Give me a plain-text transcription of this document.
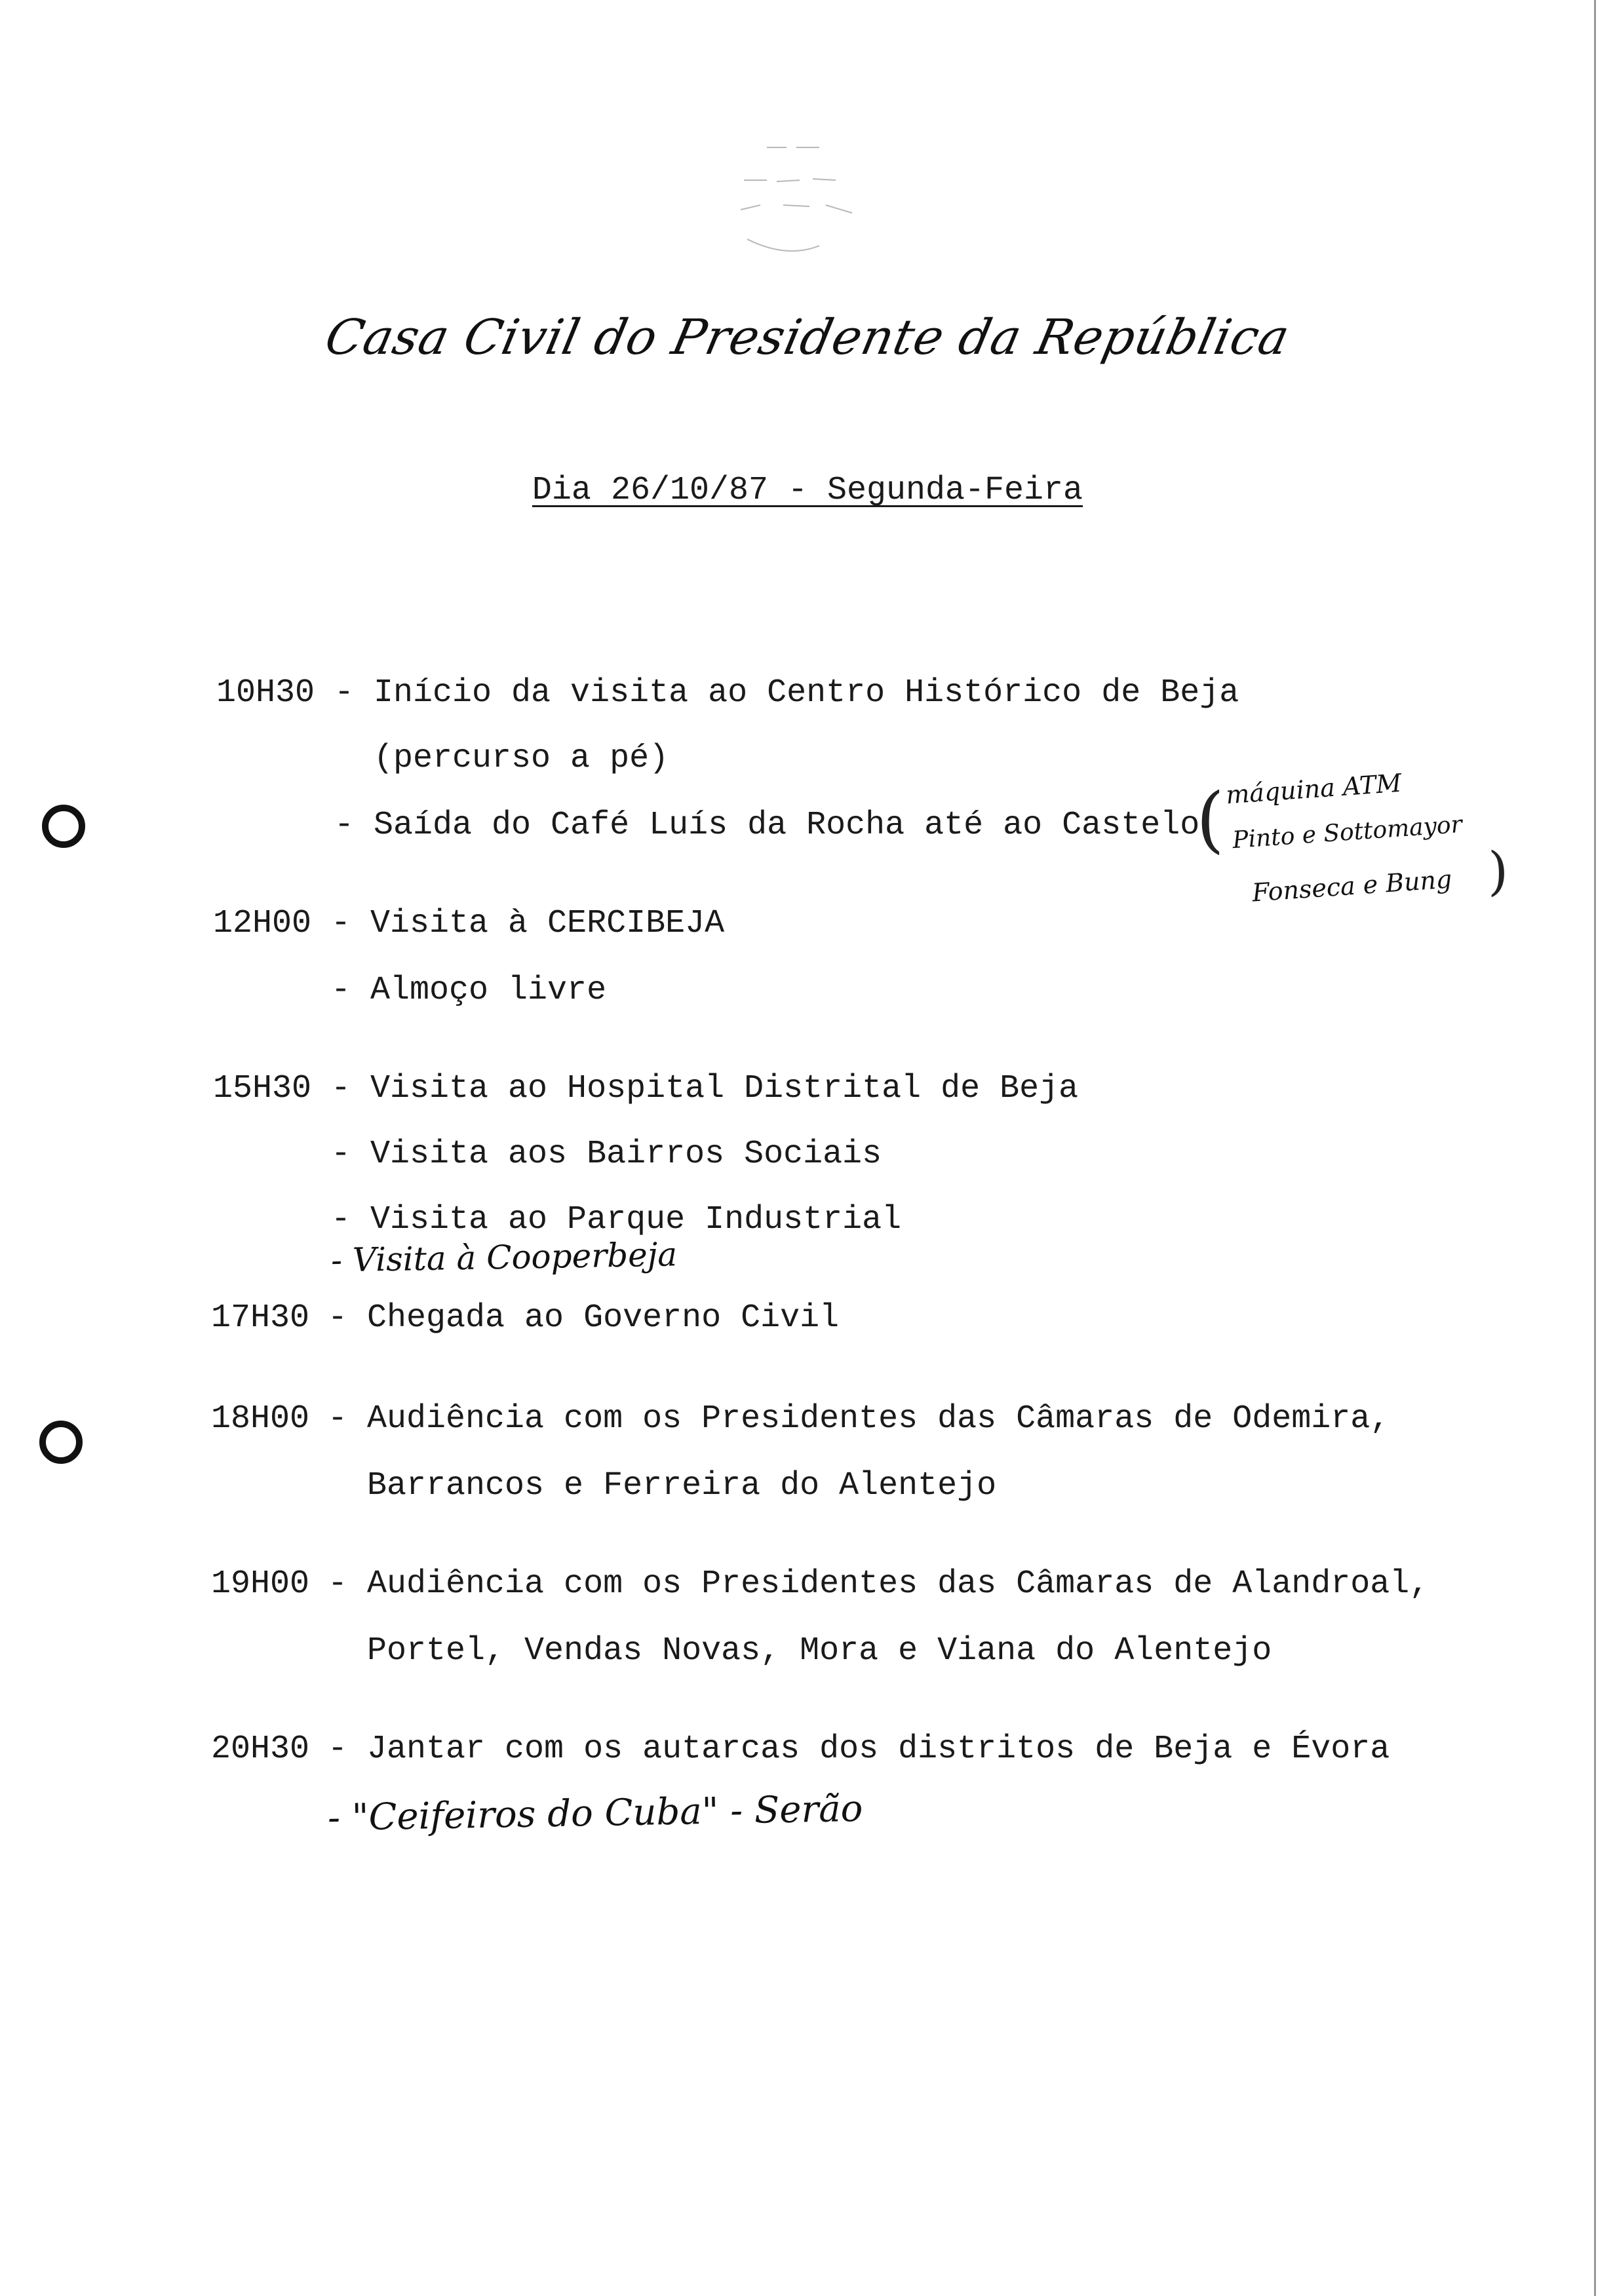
Casa Civil do Presidente da República
Dia 26/10/87 - Segunda-Feira
10H30 - Início da visita ao Centro Histórico de Beja
(percurso a pé)
- Saída do Café Luís da Rocha até ao Castelo
( máquina ATM
Pinto e Sottomayor
Fonseca e Bung )
12H00 - Visita à CERCIBEJA
- Almoço livre
15H30 - Visita ao Hospital Distrital de Beja
- Visita aos Bairros Sociais
- Visita ao Parque Industrial
- Visita à Cooperbeja
17H30 - Chegada ao Governo Civil
18H00 - Audiência com os Presidentes das Câmaras de Odemira,
Barrancos e Ferreira do Alentejo
19H00 - Audiência com os Presidentes das Câmaras de Alandroal,
Portel, Vendas Novas, Mora e Viana do Alentejo
20H30 - Jantar com os autarcas dos distritos de Beja e Évora
- "Ceifeiros do Cuba" - Serão
